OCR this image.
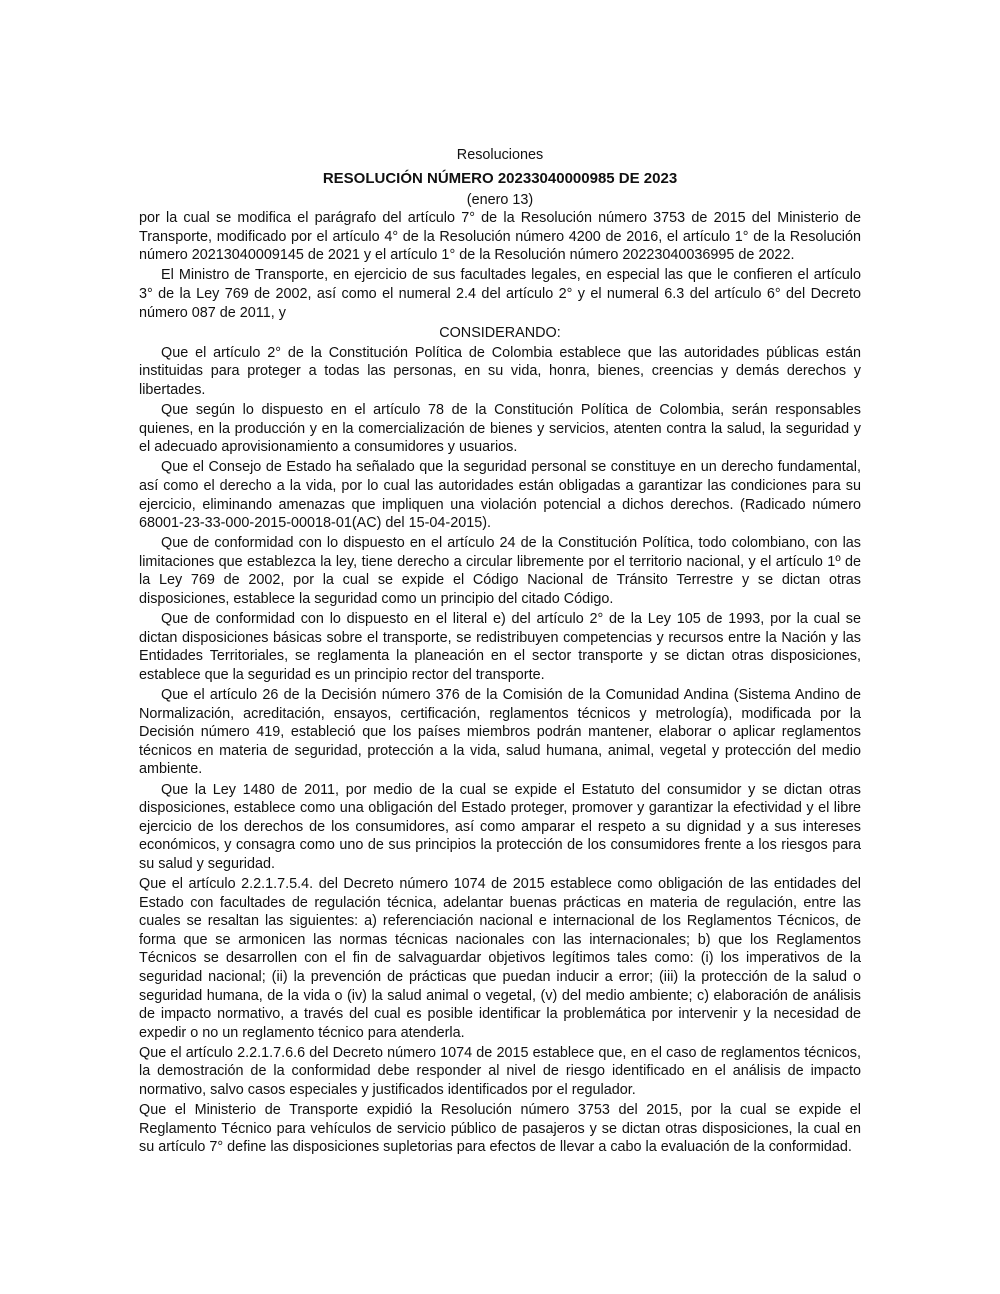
Resoluciones
RESOLUCIÓN NÚMERO 20233040000985 DE 2023
(enero 13)

por la cual se modifica el parágrafo del artículo 7° de la Resolución número 3753 de 2015 del Ministerio de Transporte, modificado por el artículo 4° de la Resolución número 4200 de 2016, el artículo 1° de la Resolución número 20213040009145 de 2021 y el artículo 1° de la Resolución número 20223040036995 de 2022.

El Ministro de Transporte, en ejercicio de sus facultades legales, en especial las que le confieren el artículo 3° de la Ley 769 de 2002, así como el numeral 2.4 del artículo 2° y el numeral 6.3 del artículo 6° del Decreto número 087 de 2011, y

CONSIDERANDO:

Que el artículo 2° de la Constitución Política de Colombia establece que las autoridades públicas están instituidas para proteger a todas las personas, en su vida, honra, bienes, creencias y demás derechos y libertades.

Que según lo dispuesto en el artículo 78 de la Constitución Política de Colombia, serán responsables quienes, en la producción y en la comercialización de bienes y servicios, atenten contra la salud, la seguridad y el adecuado aprovisionamiento a consumidores y usuarios.

Que el Consejo de Estado ha señalado que la seguridad personal se constituye en un derecho fundamental, así como el derecho a la vida, por lo cual las autoridades están obligadas a garantizar las condiciones para su ejercicio, eliminando amenazas que impliquen una violación potencial a dichos derechos. (Radicado número 68001-23-33-000-2015-00018-01(AC) del 15-04-2015).

Que de conformidad con lo dispuesto en el artículo 24 de la Constitución Política, todo colombiano, con las limitaciones que establezca la ley, tiene derecho a circular libremente por el territorio nacional, y el artículo 1º de la Ley 769 de 2002, por la cual se expide el Código Nacional de Tránsito Terrestre y se dictan otras disposiciones, establece la seguridad como un principio del citado Código.

Que de conformidad con lo dispuesto en el literal e) del artículo 2° de la Ley 105 de 1993, por la cual se dictan disposiciones básicas sobre el transporte, se redistribuyen competencias y recursos entre la Nación y las Entidades Territoriales, se reglamenta la planeación en el sector transporte y se dictan otras disposiciones, establece que la seguridad es un principio rector del transporte.

Que el artículo 26 de la Decisión número 376 de la Comisión de la Comunidad Andina (Sistema Andino de Normalización, acreditación, ensayos, certificación, reglamentos técnicos y metrología), modificada por la Decisión número 419, estableció que los países miembros podrán mantener, elaborar o aplicar reglamentos técnicos en materia de seguridad, protección a la vida, salud humana, animal, vegetal y protección del medio ambiente.

Que la Ley 1480 de 2011, por medio de la cual se expide el Estatuto del consumidor y se dictan otras disposiciones, establece como una obligación del Estado proteger, promover y garantizar la efectividad y el libre ejercicio de los derechos de los consumidores, así como amparar el respeto a su dignidad y a sus intereses económicos, y consagra como uno de sus principios la protección de los consumidores frente a los riesgos para su salud y seguridad.

Que el artículo 2.2.1.7.5.4. del Decreto número 1074 de 2015 establece como obligación de las entidades del Estado con facultades de regulación técnica, adelantar buenas prácticas en materia de regulación, entre las cuales se resaltan las siguientes: a) referenciación nacional e internacional de los Reglamentos Técnicos, de forma que se armonicen las normas técnicas nacionales con las internacionales; b) que los Reglamentos Técnicos se desarrollen con el fin de salvaguardar objetivos legítimos tales como: (i) los imperativos de la seguridad nacional; (ii) la prevención de prácticas que puedan inducir a error; (iii) la protección de la salud o seguridad humana, de la vida o (iv) la salud animal o vegetal, (v) del medio ambiente; c) elaboración de análisis de impacto normativo, a través del cual es posible identificar la problemática por intervenir y la necesidad de expedir o no un reglamento técnico para atenderla.

Que el artículo 2.2.1.7.6.6 del Decreto número 1074 de 2015 establece que, en el caso de reglamentos técnicos, la demostración de la conformidad debe responder al nivel de riesgo identificado en el análisis de impacto normativo, salvo casos especiales y justificados identificados por el regulador.

Que el Ministerio de Transporte expidió la Resolución número 3753 del 2015, por la cual se expide el Reglamento Técnico para vehículos de servicio público de pasajeros y se dictan otras disposiciones, la cual en su artículo 7° define las disposiciones supletorias para efectos de llevar a cabo la evaluación de la conformidad.
